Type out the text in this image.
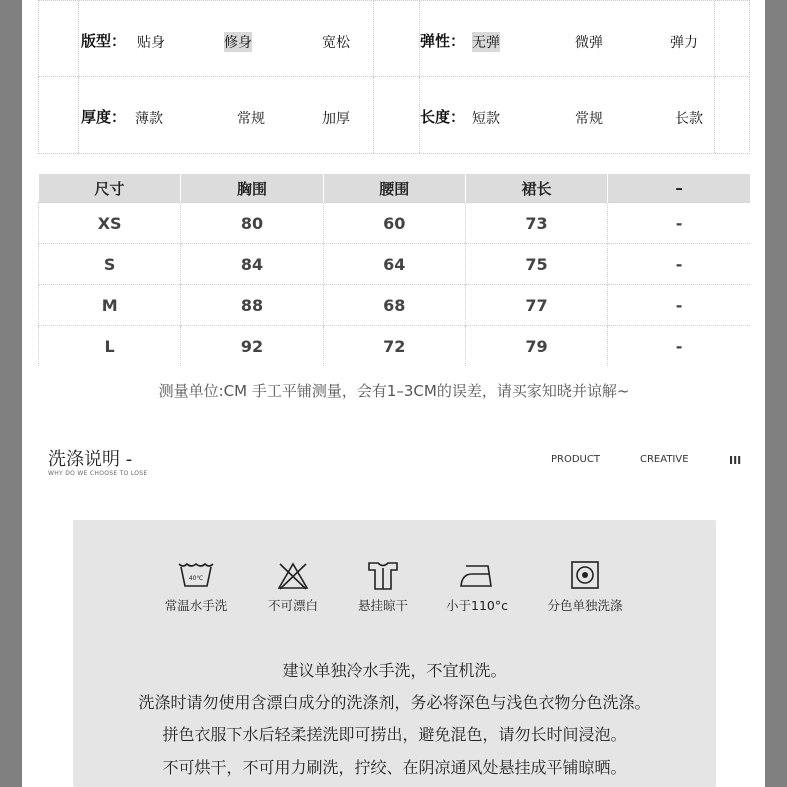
版型： 贴身	修身	宽松	弹性： 无弹	微弹	弹力
厚度： 薄款	常规	加厚	长度： 短款	常规	长款
尺寸	胸围	腰围	裙长	–
XS	80	60	73	-
S	84	64	75	-
M	88	68	77	-
L	92	72	79	-
测量单位:CM 手工平铺测量，会有1–3CM的误差，请买家知晓并谅解~
洗涤说明 -
WHY DO WE CHOOSE TO LOSE
PRODUCT	CREATIVE	III
40℃
常温水手洗	不可漂白	悬挂晾干	小于110°c	分色单独洗涤
建议单独冷水手洗，不宜机洗。
洗涤时请勿使用含漂白成分的洗涤剂，务必将深色与浅色衣物分色洗涤。
拼色衣服下水后轻柔搓洗即可捞出，避免混色，请勿长时间浸泡。
不可烘干，不可用力刷洗，拧绞、在阴凉通风处悬挂成平铺晾晒。
